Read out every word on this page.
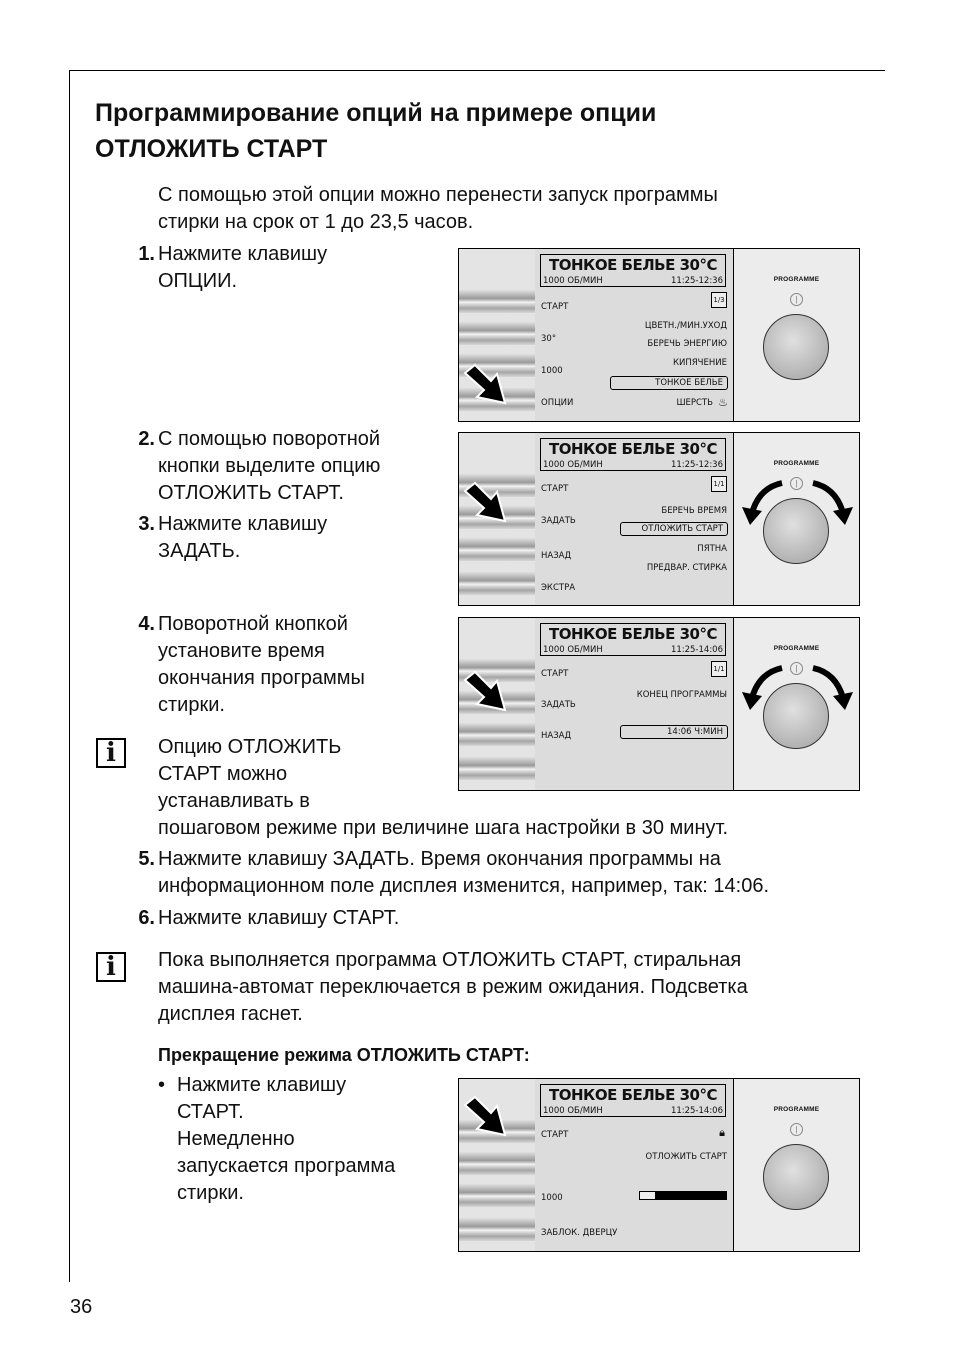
Программирование опций на примере опции
ОТЛОЖИТЬ СТАРТ
С помощью этой опции можно перенести запуск программы
стирки на срок от 1 до 23,5 часов.
1. Нажмите клавишу
ОПЦИИ.
2. С помощью поворотной
кнопки выделите опцию
ОТЛОЖИТЬ СТАРТ.
3. Нажмите клавишу
ЗАДАТЬ.
4. Поворотной кнопкой
установите время
окончания программы
стирки.
i	Опцию ОТЛОЖИТЬ
СТАРТ можно
устанавливать в
пошаговом режиме при величине шага настройки в 30 минут.
5. Нажмите клавишу ЗАДАТЬ. Время окончания программы на
информационном поле дисплея изменится, например, так: 14:06.
6. Нажмите клавишу СТАРТ.
i	Пока выполняется программа ОТЛОЖИТЬ СТАРТ, стиральная
машина-автомат переключается в режим ожидания. Подсветка
дисплея гаснет.
Прекращение режима ОТЛОЖИТЬ СТАРТ:
• Нажмите клавишу
СТАРТ.
Немедленно
запускается программа
стирки.
36
ТОНКОЕ БЕЛЬЕ 30°C
1000 ОБ/МИН	11:25-12:36
1/3
СТАРТ
30°
1000
ОПЦИИ
ЦВЕТН./МИН.УХОД
БЕРЕЧЬ ЭНЕРГИЮ
КИПЯЧЕНИЕ
ТОНКОЕ БЕЛЬЕ
ШЕРСТЬ ♨
PROGRAMME
|
ТОНКОЕ БЕЛЬЕ 30°C
1000 ОБ/МИН	11:25-12:36
1/1
СТАРТ
ЗАДАТЬ
НАЗАД
ЭКСТРА
БЕРЕЧЬ ВРЕМЯ
ОТЛОЖИТЬ СТАРТ
ПЯТНА
ПРЕДВАР. СТИРКА
PROGRAMME
|
ТОНКОЕ БЕЛЬЕ 30°C
1000 ОБ/МИН	11:25-14:06
1/1
СТАРТ
ЗАДАТЬ
НАЗАД
КОНЕЦ ПРОГРАММЫ
14:06 Ч:МИН
PROGRAMME
|
ТОНКОЕ БЕЛЬЕ 30°C
1000 ОБ/МИН	11:25-14:06
🔒︎
СТАРТ
1000
ЗАБЛОК. ДВЕРЦУ
ОТЛОЖИТЬ СТАРТ
PROGRAMME
|
